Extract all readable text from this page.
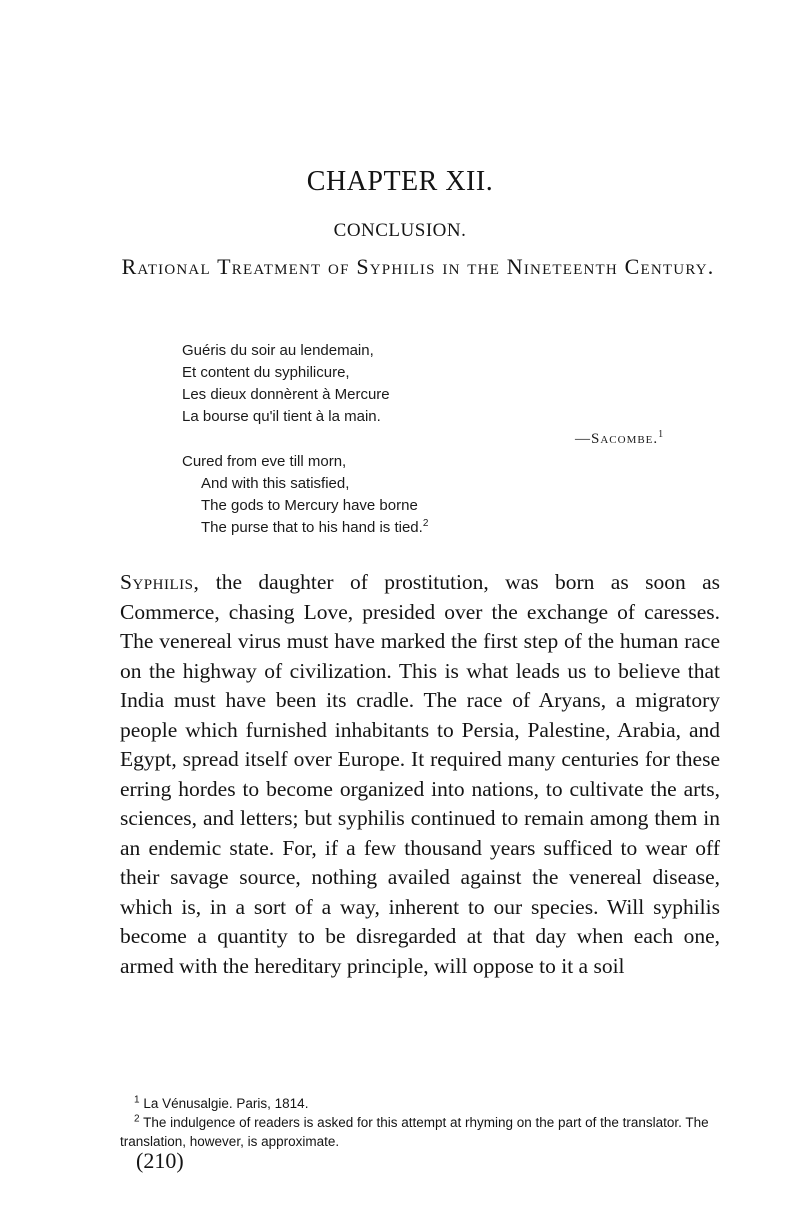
CHAPTER XII.
CONCLUSION.
Rational Treatment of Syphilis in the Nineteenth Century.
Guéris du soir au lendemain,
Et content du syphilicure,
Les dieux donnèrent à Mercure
La bourse qu'il tient à la main.
—Sacombe.$^1$
Cured from eve till morn,
And with this satisfied,
The gods to Mercury have borne
The purse that to his hand is tied.$^2$

Syphilis, the daughter of prostitution, was born as soon as Commerce, chasing Love, presided over the exchange of caresses. The venereal virus must have marked the first step of the human race on the highway of civilization. This is what leads us to believe that India must have been its cradle. The race of Aryans, a migratory people which furnished inhabitants to Persia, Palestine, Arabia, and Egypt, spread itself over Europe. It required many centuries for these erring hordes to become organized into nations, to cultivate the arts, sciences, and letters; but syphilis continued to remain among them in an endemic state. For, if a few thousand years sufficed to wear off their savage source, nothing availed against the venereal disease, which is, in a sort of a way, inherent to our species. Will syphilis become a quantity to be disregarded at that day when each one, armed with the hereditary principle, will oppose to it a soil

$^1$ La Vénusalgie. Paris, 1814.

$^2$ The indulgence of readers is asked for this attempt at rhyming on the part of the translator. The translation, however, is approximate.

(210)
